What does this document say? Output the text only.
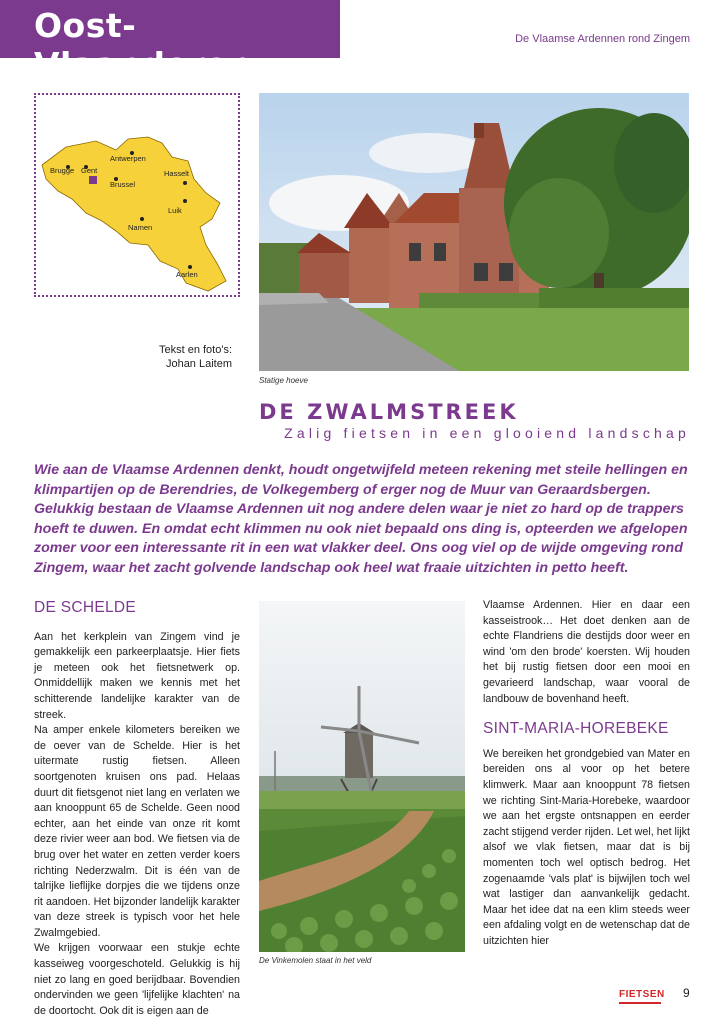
Oost-Vlaanderen
De Vlaamse Ardennen rond Zingem
Antwerpen
Brugge Gent
Brussel
Hasselt
Luik
Namen
Aarlen
Tekst en foto's:
Johan Laitem
Statige hoeve
DE ZWALMSTREEK
Zalig fietsen in een glooiend landschap
Wie aan de Vlaamse Ardennen denkt, houdt ongetwijfeld meteen rekening met steile hellingen en klimpartijen op de Berendries, de Volkegemberg of erger nog de Muur van Geraardsbergen. Gelukkig bestaan de Vlaamse Ardennen uit nog andere delen waar je niet zo hard op de trappers hoeft te duwen. En omdat echt klimmen nu ook niet bepaald ons ding is, opteerden we afgelopen zomer voor een interessante rit in een wat vlakker deel. Ons oog viel op de wijde omgeving rond Zingem, waar het zacht golvende landschap ook heel wat fraaie uitzichten in petto heeft.
DE SCHELDE

Aan het kerkplein van Zingem vind je gemakkelijk een parkeerplaatsje. Hier fiets je meteen ook het fietsnetwerk op. Onmiddellijk maken we kennis met het schitterende landelijke karakter van de streek.

Na amper enkele kilometers bereiken we de oever van de Schelde. Hier is het uitermate rustig fietsen. Alleen soortgenoten kruisen ons pad. Helaas duurt dit fietsgenot niet lang en verlaten we aan knooppunt 65 de Schelde. Geen nood echter, aan het einde van onze rit komt deze rivier weer aan bod. We fietsen via de brug over het water en zetten verder koers richting Nederzwalm. Dit is één van de talrijke lieflijke dorpjes die we tijdens onze rit aandoen. Het bijzonder landelijk karakter van deze streek is typisch voor het hele Zwalmgebied.

We krijgen voorwaar een stukje echte kasseiweg voorgeschoteld. Gelukkig is hij niet zo lang en goed berijdbaar. Bovendien ondervinden we geen 'lijfelijke klachten' na de doortocht. Ook dit is eigen aan de

De Vinkemolen staat in het veld

Vlaamse Ardennen. Hier en daar een kasseistrook… Het doet denken aan de echte Flandriens die destijds door weer en wind 'om den brode' koersten. Wij houden het bij rustig fietsen door een mooi en gevarieerd landschap, waar vooral de landbouw de bovenhand heeft.

SINT-MARIA-HOREBEKE

We bereiken het grondgebied van Mater en bereiden ons al voor op het betere klimwerk. Maar aan knooppunt 78 fietsen we richting Sint-Maria-Horebeke, waardoor we aan het ergste ontsnappen en eerder zacht stijgend verder rijden. Let wel, het lijkt alsof we vlak fietsen, maar dat is bij momenten toch wel optisch bedrog. Het zogenaamde 'vals plat' is bijwijlen toch wel wat lastiger dan aanvankelijk gedacht. Maar het idee dat na een klim steeds weer een afdaling volgt en de wetenschap dat de uitzichten hier

FIETSEN 9
